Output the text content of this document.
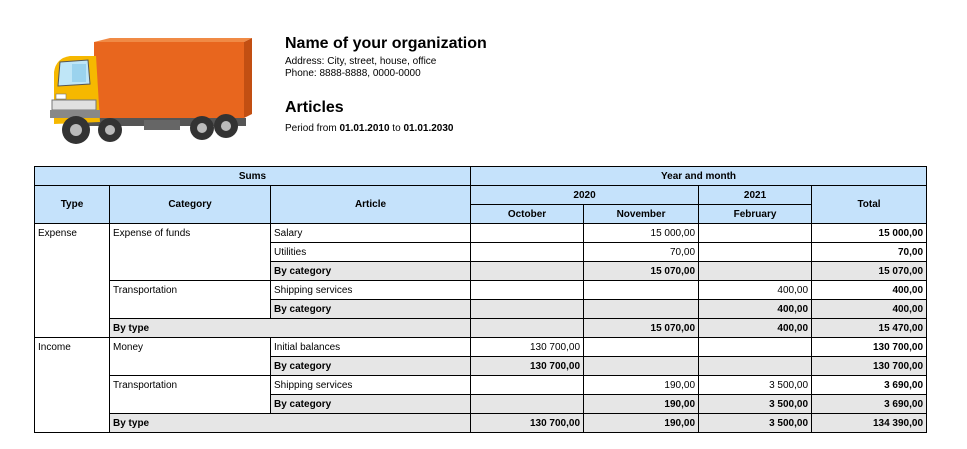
Name of your organization
Address: City, street, house, office
Phone: 8888-8888, 0000-0000
Articles
Period from 01.01.2010 to 01.01.2030
Sums			Year and month			
Type	Category	Article	2020		2021	Total
			October	November	February	
Expense	Expense of funds	Salary		15 000,00		15 000,00
		Utilities		70,00		70,00
		By category		15 070,00		15 070,00
	Transportation	Shipping services			400,00	400,00
		By category			400,00	400,00
	By type			15 070,00	400,00	15 470,00
Income	Money	Initial balances	130 700,00			130 700,00
		By category	130 700,00			130 700,00
	Transportation	Shipping services		190,00	3 500,00	3 690,00
		By category		190,00	3 500,00	3 690,00
	By type		130 700,00	190,00	3 500,00	134 390,00
